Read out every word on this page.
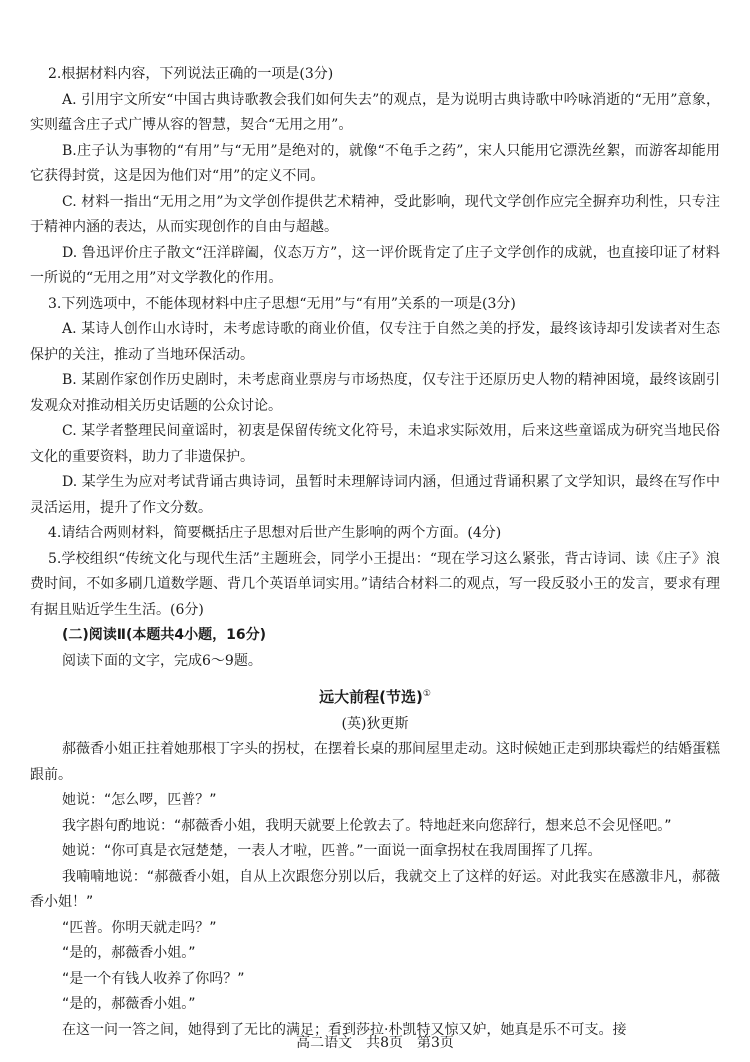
2.根据材料内容，下列说法正确的一项是(3分)

A. 引用宇文所安“中国古典诗歌教会我们如何失去”的观点，是为说明古典诗歌中吟咏消逝的“无用”意象，实则蕴含庄子式广博从容的智慧，契合“无用之用”。

B.庄子认为事物的“有用”与“无用”是绝对的，就像“不龟手之药”，宋人只能用它漂洗丝絮，而游客却能用它获得封赏，这是因为他们对“用”的定义不同。

C. 材料一指出“无用之用”为文学创作提供艺术精神，受此影响，现代文学创作应完全摒弃功利性，只专注于精神内涵的表达，从而实现创作的自由与超越。

D. 鲁迅评价庄子散文“汪洋辟阖，仪态万方”，这一评价既肯定了庄子文学创作的成就，也直接印证了材料一所说的“无用之用”对文学教化的作用。

3.下列选项中，不能体现材料中庄子思想“无用”与“有用”关系的一项是(3分)

A. 某诗人创作山水诗时，未考虑诗歌的商业价值，仅专注于自然之美的抒发，最终该诗却引发读者对生态保护的关注，推动了当地环保活动。

B. 某剧作家创作历史剧时，未考虑商业票房与市场热度，仅专注于还原历史人物的精神困境，最终该剧引发观众对推动相关历史话题的公众讨论。

C. 某学者整理民间童谣时，初衷是保留传统文化符号，未追求实际效用，后来这些童谣成为研究当地民俗文化的重要资料，助力了非遗保护。

D. 某学生为应对考试背诵古典诗词，虽暂时未理解诗词内涵，但通过背诵积累了文学知识，最终在写作中灵活运用，提升了作文分数。

4.请结合两则材料，简要概括庄子思想对后世产生影响的两个方面。(4分)

5.学校组织“传统文化与现代生活”主题班会，同学小王提出：“现在学习这么紧张，背古诗词、读《庄子》浪费时间，不如多刷几道数学题、背几个英语单词实用。”请结合材料二的观点，写一段反驳小王的发言，要求有理有据且贴近学生生活。(6分)

(二)阅读Ⅱ(本题共4小题，16分)

阅读下面的文字，完成6～9题。

远大前程(节选)①

(英)狄更斯

郝薇香小姐正拄着她那根丁字头的拐杖，在摆着长桌的那间屋里走动。这时候她正走到那块霉烂的结婚蛋糕跟前。

她说：“怎么啰，匹普？”

我字斟句酌地说：“郝薇香小姐，我明天就要上伦敦去了。特地赶来向您辞行，想来总不会见怪吧。”

她说：“你可真是衣冠楚楚，一表人才啦，匹普。”一面说一面拿拐杖在我周围挥了几挥。

我喃喃地说：“郝薇香小姐，自从上次跟您分别以后，我就交上了这样的好运。对此我实在感激非凡，郝薇香小姐！”

“匹普。你明天就走吗？”

“是的，郝薇香小姐。”

“是一个有钱人收养了你吗？”

“是的，郝薇香小姐。”

在这一问一答之间，她得到了无比的满足；看到莎拉·朴凯特又惊又妒，她真是乐不可支。接

高二语文　共8页　第3页
